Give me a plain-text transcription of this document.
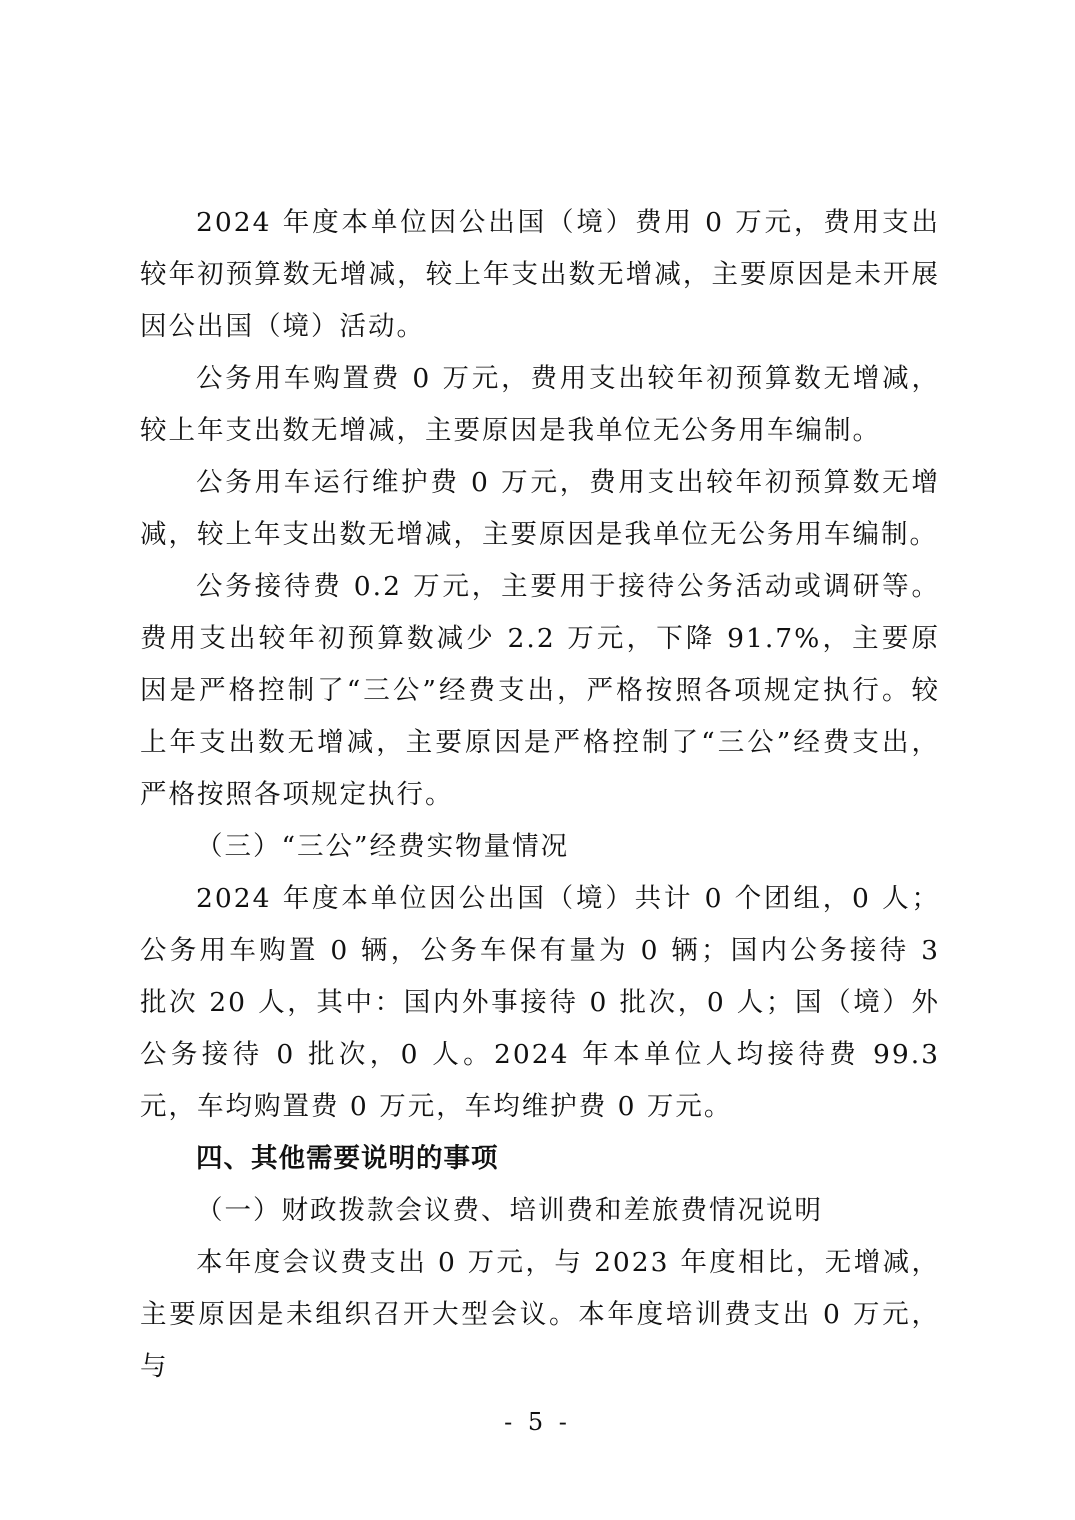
2024 年度本单位因公出国（境）费用 0 万元，费用支出较年初预算数无增减，较上年支出数无增减，主要原因是未开展因公出国（境）活动。

公务用车购置费 0 万元，费用支出较年初预算数无增减，较上年支出数无增减，主要原因是我单位无公务用车编制。

公务用车运行维护费 0 万元，费用支出较年初预算数无增减，较上年支出数无增减，主要原因是我单位无公务用车编制。

公务接待费 0.2 万元，主要用于接待公务活动或调研等。费用支出较年初预算数减少 2.2 万元，下降 91.7%，主要原因是严格控制了“三公”经费支出，严格按照各项规定执行。较上年支出数无增减，主要原因是严格控制了“三公”经费支出，严格按照各项规定执行。

（三）“三公”经费实物量情况

2024 年度本单位因公出国（境）共计 0 个团组，0 人；公务用车购置 0 辆，公务车保有量为 0 辆；国内公务接待 3 批次 20 人，其中：国内外事接待 0 批次，0 人；国（境）外公务接待 0 批次，0 人。2024 年本单位人均接待费 99.3 元，车均购置费 0 万元，车均维护费 0 万元。

四、其他需要说明的事项

（一）财政拨款会议费、培训费和差旅费情况说明

本年度会议费支出 0 万元，与 2023 年度相比，无增减，主要原因是未组织召开大型会议。本年度培训费支出 0 万元，与

- 5 -
